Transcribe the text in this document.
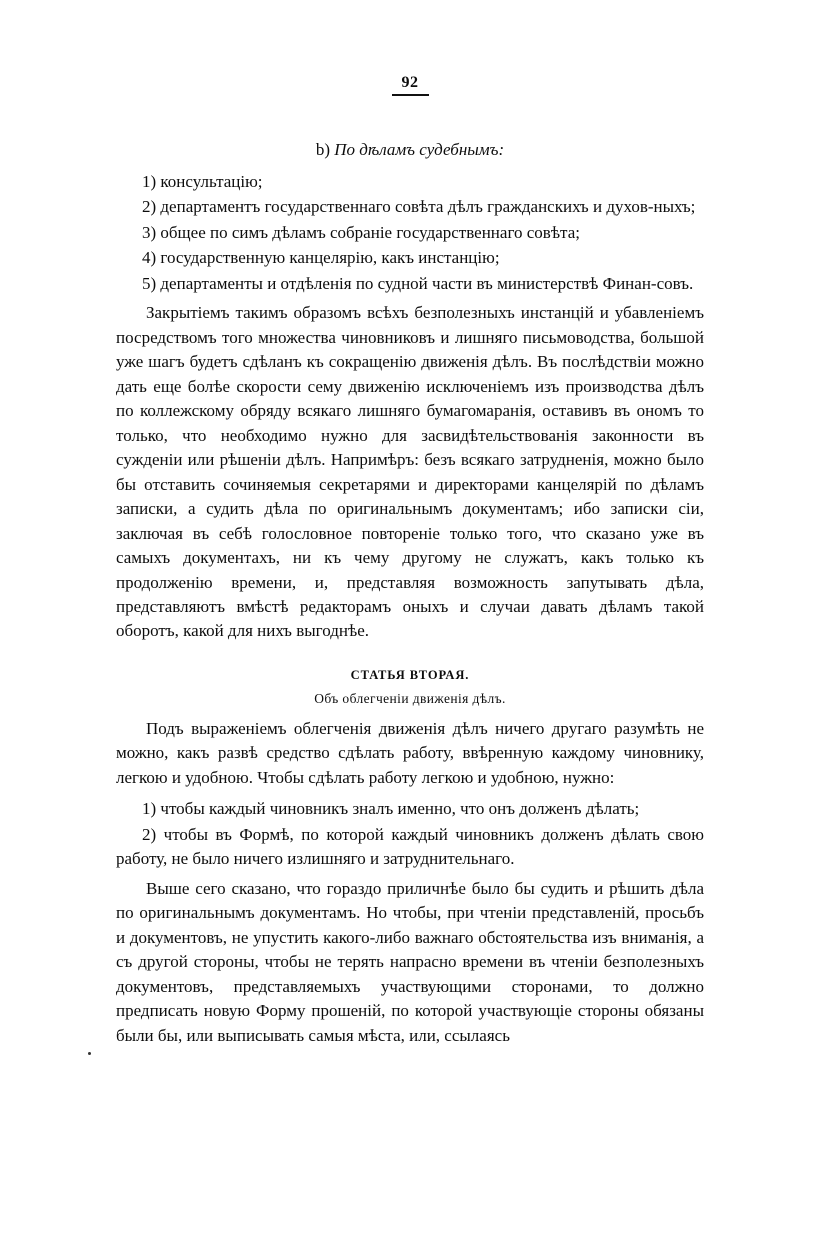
92
b) По дѣламъ судебнымъ:

1) консультацію;

2) департаментъ государственнаго совѣта дѣлъ гражданскихъ и духов-ныхъ;

3) общее по симъ дѣламъ собраніе государственнаго совѣта;

4) государственную канцелярію, какъ инстанцію;

5) департаменты и отдѣленія по судной части въ министерствѣ Финан-совъ.

Закрытіемъ такимъ образомъ всѣхъ безполезныхъ инстанцій и убавленіемъ посредствомъ того множества чиновниковъ и лишняго письмоводства, большой уже шагъ будетъ сдѣланъ къ сокращенію движенія дѣлъ. Въ послѣдствіи можно дать еще болѣе скорости сему движенію исключеніемъ изъ производства дѣлъ по коллежскому обряду всякаго лишняго бумагомаранія, оставивъ въ ономъ то только, что необходимо нужно для засвидѣтельствованія законности въ сужденіи или рѣшеніи дѣлъ. Напримѣръ: безъ всякаго затрудненія, можно было бы отставить сочиняемыя секретарями и директорами канцелярій по дѣламъ записки, а судить дѣла по оригинальнымъ документамъ; ибо записки сіи, заключая въ себѣ голословное повтореніе только того, что сказано уже въ самыхъ документахъ, ни къ чему другому не служатъ, какъ только къ продолженію времени, и, представляя возможность запутывать дѣла, представляютъ вмѣстѣ редакторамъ оныхъ и случаи давать дѣламъ такой оборотъ, какой для нихъ выгоднѣе.

СТАТЬЯ ВТОРАЯ.
Объ облегченіи движенія дѣлъ.

Подъ выраженіемъ облегченія движенія дѣлъ ничего другаго разумѣть не можно, какъ развѣ средство сдѣлать работу, ввѣренную каждому чиновнику, легкою и удобною. Чтобы сдѣлать работу легкою и удобною, нужно:

1) чтобы каждый чиновникъ зналъ именно, что онъ долженъ дѣлать;

2) чтобы въ Формѣ, по которой каждый чиновникъ долженъ дѣлать свою работу, не было ничего излишняго и затруднительнаго.

Выше сего сказано, что гораздо приличнѣе было бы судить и рѣшить дѣла по оригинальнымъ документамъ. Но чтобы, при чтеніи представленій, просьбъ и документовъ, не упустить какого-либо важнаго обстоятельства изъ вниманія, а съ другой стороны, чтобы не терять напрасно времени въ чтеніи безполезныхъ документовъ, представляемыхъ участвующими сторонами, то должно предписать новую Форму прошеній, по которой участвующіе стороны обязаны были бы, или выписывать самыя мѣста, или, ссылаясь
